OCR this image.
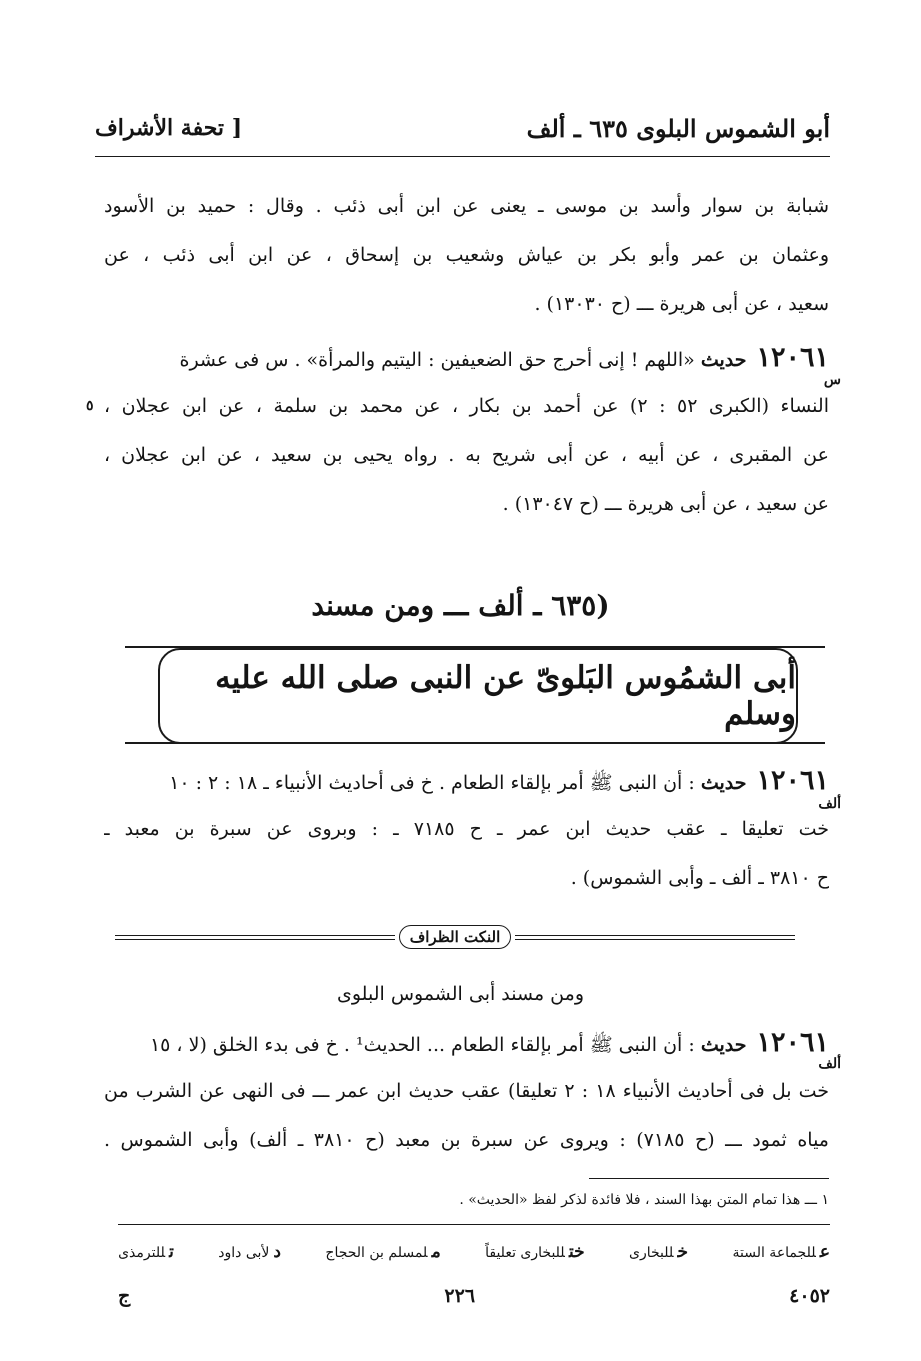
أبو الشموس البلوى ٦٣٥ ـ ألف
[ تحفة الأشراف
شبابة بن سوار وأسد بن موسى ـ يعنى عن ابن أبى ذئب . وقال : حميد بن الأسود
وعثمان بن عمر وأبو بكر بن عياش وشعيب بن إسحاق ، عن ابن أبى ذئب ، عن
سعيد ، عن أبى هريرة ـــ (ح ١٣٠٣٠) .
١٢٠٦١حديث «اللهم ! إنى أحرج حق الضعيفين : اليتيم والمرأة» . س فى عشرة
النساء (الكبرى ٥٢ : ٢) عن أحمد بن بكار ، عن محمد بن سلمة ، عن ابن عجلان ،
عن المقبرى ، عن أبيه ، عن أبى شريح به . رواه يحيى بن سعيد ، عن ابن عجلان ،
عن سعيد ، عن أبى هريرة ـــ (ح ١٣٠٤٧) .
س
٥
(٦٣٥ ـ ألف ـــ ومن مسند
أبى الشمُوس البَلوىّ عن النبى صلى الله عليه وسلم
١٢٠٦١حديث : أن النبى ﷺ أمر بإلقاء الطعام . خ فى أحاديث الأنبياء ـ ١٨ : ٢ : ١٠
خت تعليقا ـ عقب حديث ابن عمر ـ ح ٧١٨٥ ـ : وبروى عن سبرة بن معبد ـ
ح ٣٨١٠ ـ ألف ـ وأبى الشموس) .
ألف
النكت الظراف
ومن مسند أبى الشموس البلوى
١٢٠٦١حديث : أن النبى ﷺ أمر بإلقاء الطعام ... الحديث¹ . خ فى بدء الخلق (لا ، ١٥
خت بل فى أحاديث الأنبياء ١٨ : ٢ تعليقا) عقب حديث ابن عمر ـــ فى النهى عن الشرب من
مياه ثمود ـــ (ح ٧١٨٥) : ويروى عن سبرة بن معبد (ح ٣٨١٠ ـ ألف) وأبى الشموس .
ألف
١ ـــ هذا تمام المتن بهذا السند ، فلا فائدة لذكر لفظ «الحديث» .
عللجماعة الستة
خللبخارى
ختللبخارى تعليقاً
ملمسلم بن الحجاج
دلأبى داود
تللترمذى
٤٠٥٢
٢٢٦
ج
